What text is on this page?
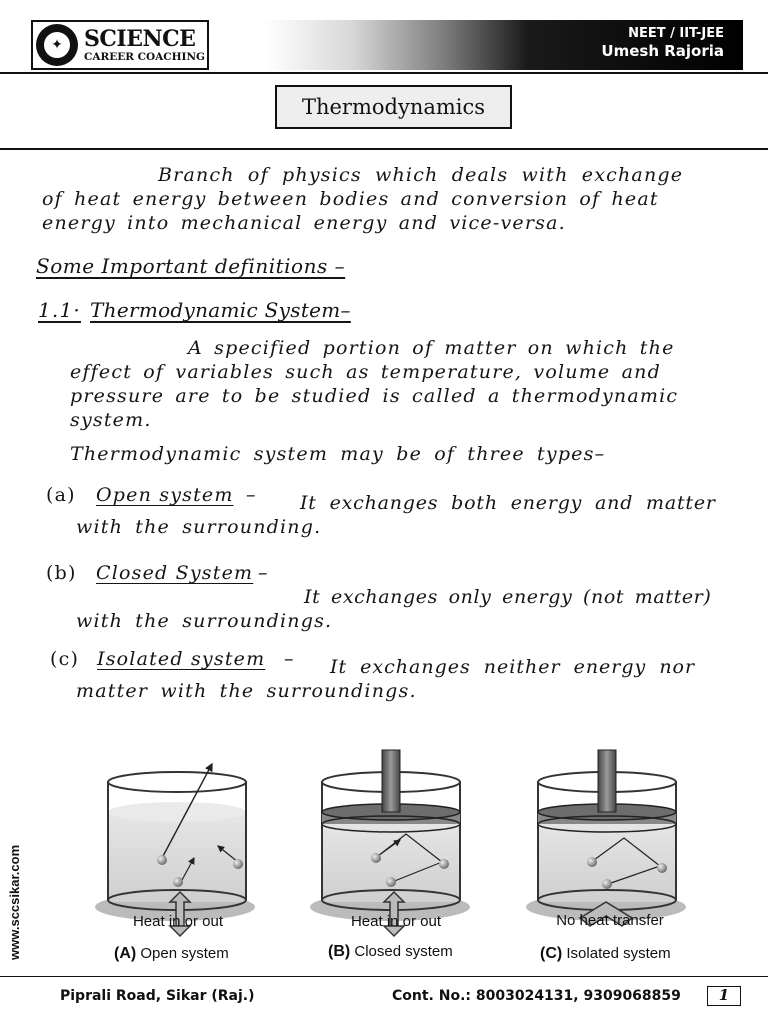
✦ SCIENCE
CAREER COACHING
NEET / IIT-JEE
Umesh Rajoria
Thermodynamics
Branch of physics which deals with exchange
of heat energy between bodies and conversion of heat
energy into mechanical energy and vice-versa.
Some Important definitions –
1.1· Thermodynamic System–
A specified portion of matter on which the
effect of variables such as temperature, volume and
pressure are to be studied is called a thermodynamic
system.
Thermodynamic system may be of three types–
(a) Open system – It exchanges both energy and matter
with the surrounding.
(b) Closed System –
It exchanges only energy (not matter)
with the surroundings.
(c) Isolated system – It exchanges neither energy nor
matter with the surroundings.
Heat in or out	Heat in or out	No heat transfer
(A) Open system	(B) Closed system	(C) Isolated system
www.sccsikar.com
Piprali Road, Sikar (Raj.)	Cont. No.: 8003024131, 9309068859	1
